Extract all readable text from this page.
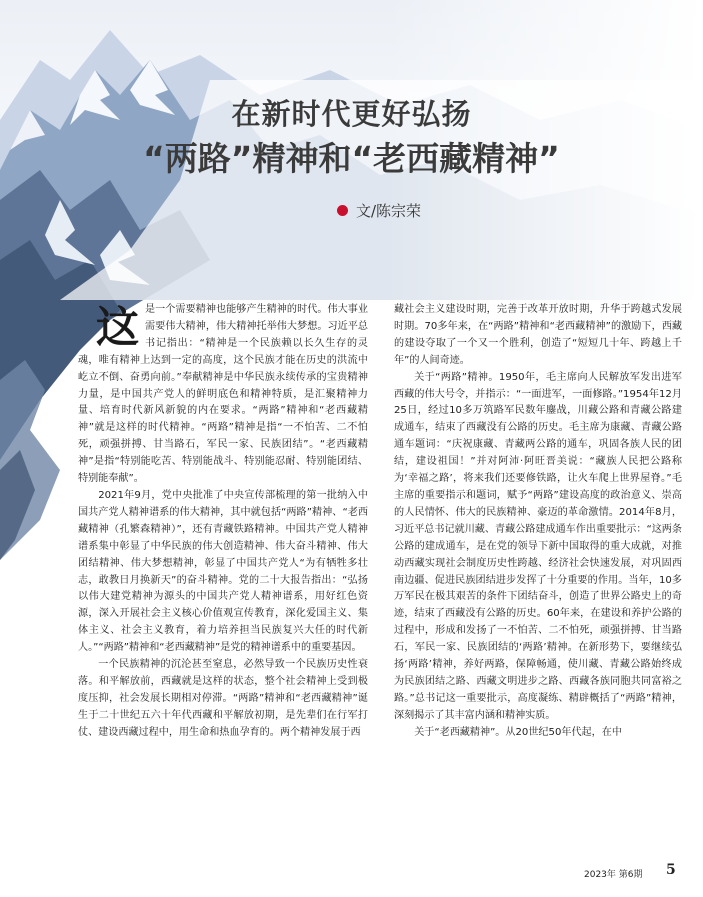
在新时代更好弘扬
“两路”精神和“老西藏精神”
文/陈宗荣

这是一个需要精神也能够产生精神的时代。伟大事业需要伟大精神，伟大精神托举伟大梦想。习近平总书记指出：“精神是一个民族赖以长久生存的灵魂，唯有精神上达到一定的高度，这个民族才能在历史的洪流中屹立不倒、奋勇向前。”奉献精神是中华民族永续传承的宝贵精神力量，是中国共产党人的鲜明底色和精神特质，是汇聚精神力量、培育时代新风新貌的内在要求。“两路”精神和“老西藏精神”就是这样的时代精神。“两路”精神是指“一不怕苦、二不怕死，顽强拼搏、甘当路石，军民一家、民族团结”。“老西藏精神”是指“特别能吃苦、特别能战斗、特别能忍耐、特别能团结、特别能奉献”。

2021年9月，党中央批准了中央宣传部梳理的第一批纳入中国共产党人精神谱系的伟大精神，其中就包括“两路”精神、“老西藏精神（孔繁森精神）”，还有青藏铁路精神。中国共产党人精神谱系集中彰显了中华民族的伟大创造精神、伟大奋斗精神、伟大团结精神、伟大梦想精神，彰显了中国共产党人“为有牺牲多壮志，敢教日月换新天”的奋斗精神。党的二十大报告指出：“弘扬以伟大建党精神为源头的中国共产党人精神谱系，用好红色资源，深入开展社会主义核心价值观宣传教育，深化爱国主义、集体主义、社会主义教育，着力培养担当民族复兴大任的时代新人。”“两路”精神和“老西藏精神”是党的精神谱系中的重要基因。

一个民族精神的沉沦甚至窒息，必然导致一个民族历史性衰落。和平解放前，西藏就是这样的状态，整个社会精神上受到极度压抑，社会发展长期相对停滞。“两路”精神和“老西藏精神”诞生于二十世纪五六十年代西藏和平解放初期，是先辈们在行军打仗、建设西藏过程中，用生命和热血孕育的。两个精神发展于西

藏社会主义建设时期，完善于改革开放时期，升华于跨越式发展时期。70多年来，在“两路”精神和“老西藏精神”的激励下，西藏的建设夺取了一个又一个胜利，创造了“短短几十年、跨越上千年”的人间奇迹。

关于“两路”精神。1950年，毛主席向人民解放军发出进军西藏的伟大号令，并指示：“一面进军，一面修路。”1954年12月25日，经过10多万筑路军民数年鏖战，川藏公路和青藏公路建成通车，结束了西藏没有公路的历史。毛主席为康藏、青藏公路通车题词：“庆祝康藏、青藏两公路的通车，巩固各族人民的团结，建设祖国！”并对阿沛·阿旺晋美说：“藏族人民把公路称为‘幸福之路’，将来我们还要修铁路，让火车爬上世界屋脊。”毛主席的重要指示和题词，赋予“两路”建设高度的政治意义、崇高的人民情怀、伟大的民族精神、豪迈的革命激情。2014年8月，习近平总书记就川藏、青藏公路建成通车作出重要批示：“这两条公路的建成通车，是在党的领导下新中国取得的重大成就，对推动西藏实现社会制度历史性跨越、经济社会快速发展，对巩固西南边疆、促进民族团结进步发挥了十分重要的作用。当年，10多万军民在极其艰苦的条件下团结奋斗，创造了世界公路史上的奇迹，结束了西藏没有公路的历史。60年来，在建设和养护公路的过程中，形成和发扬了一不怕苦、二不怕死，顽强拼搏、甘当路石，军民一家、民族团结的‘两路’精神。在新形势下，要继续弘扬‘两路’精神，养好两路，保障畅通，使川藏、青藏公路始终成为民族团结之路、西藏文明进步之路、西藏各族同胞共同富裕之路。”总书记这一重要批示，高度凝练、精辟概括了“两路”精神，深刻揭示了其丰富内涵和精神实质。

关于“老西藏精神”。从20世纪50年代起，在中

2023年 第6期 5
